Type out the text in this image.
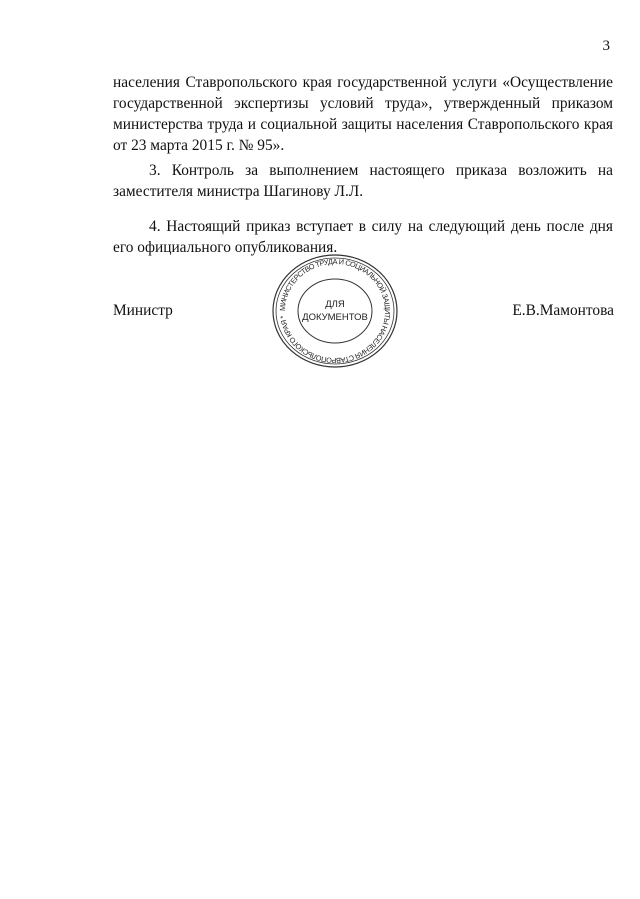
3

населения Ставропольского края государственной услуги «Осуществление государственной экспертизы условий труда», утвержденный приказом министерства труда и социальной защиты населения Ставропольского края от 23 марта 2015 г. № 95».

3. Контроль за выполнением настоящего приказа возложить на заместителя министра Шагинову Л.Л.

4. Настоящий приказ вступает в силу на следующий день после дня его официального опубликования.

Министр	Е.В.Мамонтова
МИНИСТЕРСТВО ТРУДА И СОЦИАЛЬНОЙ ЗАЩИТЫ НАСЕЛЕНИЯ СТАВРОПОЛЬСКОГО КРАЯ *
ДЛЯ
ДОКУМЕНТОВ
